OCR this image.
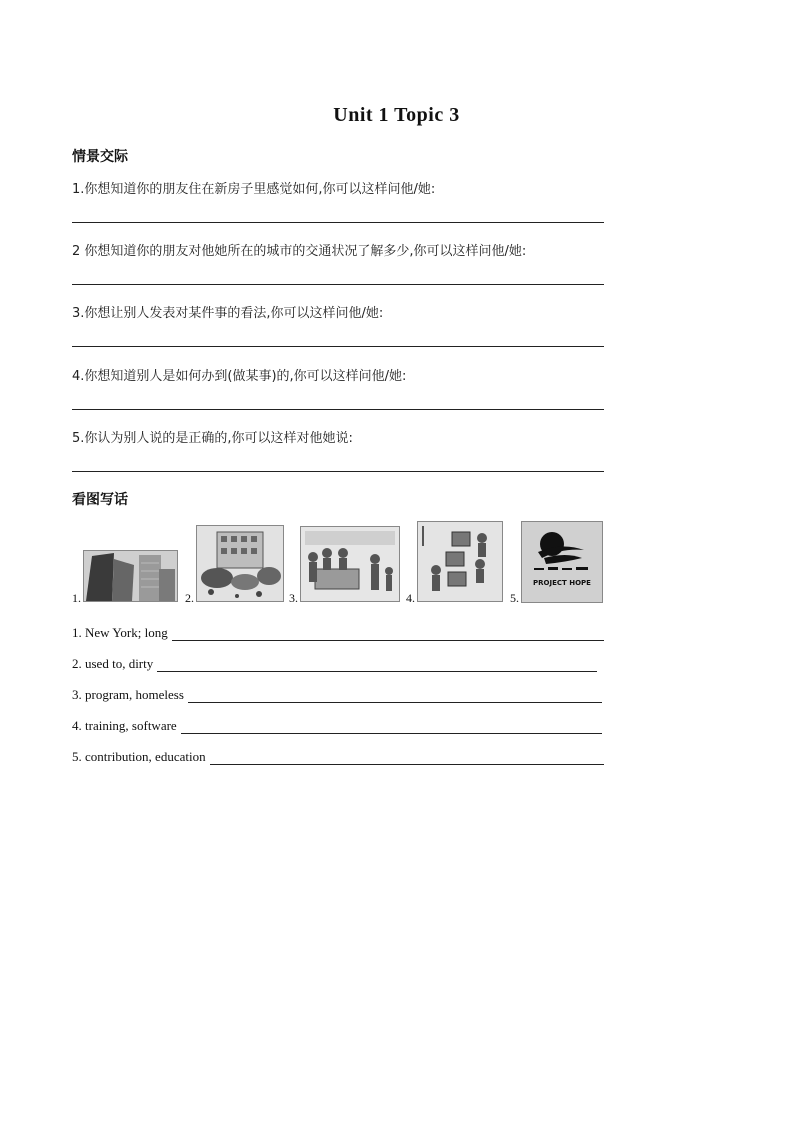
Unit 1 Topic 3
情景交际
1.你想知道你的朋友住在新房子里感觉如何,你可以这样问他/她:
2 你想知道你的朋友对他她所在的城市的交通状况了解多少,你可以这样问他/她:
3.你想让别人发表对某件事的看法,你可以这样问他/她:
4.你想知道别人是如何办到(做某事)的,你可以这样问他/她:
5.你认为别人说的是正确的,你可以这样对他她说:
看图写话
1.	2.	3.	4.	5.
PROJECT HOPE
1. New York; long
2. used to, dirty
3. program, homeless
4. training, software
5. contribution, education
